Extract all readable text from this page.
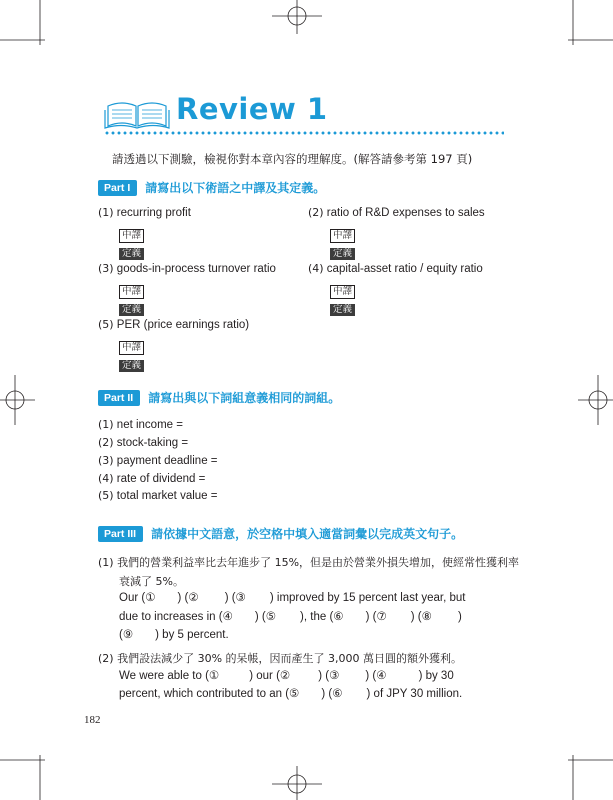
Review 1
請透過以下測驗，檢視你對本章內容的理解度。(解答請參考第 197 頁)
Part I	請寫出以下術語之中譯及其定義。
(1) recurring profit
中譯
定義
(2) ratio of R&D expenses to sales
中譯
定義
(3) goods-in-process turnover ratio
中譯
定義
(4) capital-asset ratio / equity ratio
中譯
定義
(5) PER (price earnings ratio)
中譯
定義
Part II	請寫出與以下詞組意義相同的詞組。
(1) net income =
(2) stock-taking =
(3) payment deadline =
(4) rate of dividend =
(5) total market value =
Part III	請依據中文語意，於空格中填入適當詞彙以完成英文句子。
(1) 我們的營業利益率比去年進步了 15%，但是由於營業外損失增加，使經常性獲利率
衰減了 5%。
Our (① ) (② ) (③ ) improved by 15 percent last year, but
due to increases in (④ ) (⑤ ), the (⑥ ) (⑦ ) (⑧ )
(⑨ ) by 5 percent.
(2) 我們設法減少了 30% 的呆帳，因而產生了 3,000 萬日圓的額外獲利。
We were able to (①	) our (② ) (③ ) (④	) by 30
percent, which contributed to an (⑤ ) (⑥ ) of JPY 30 million.
182
